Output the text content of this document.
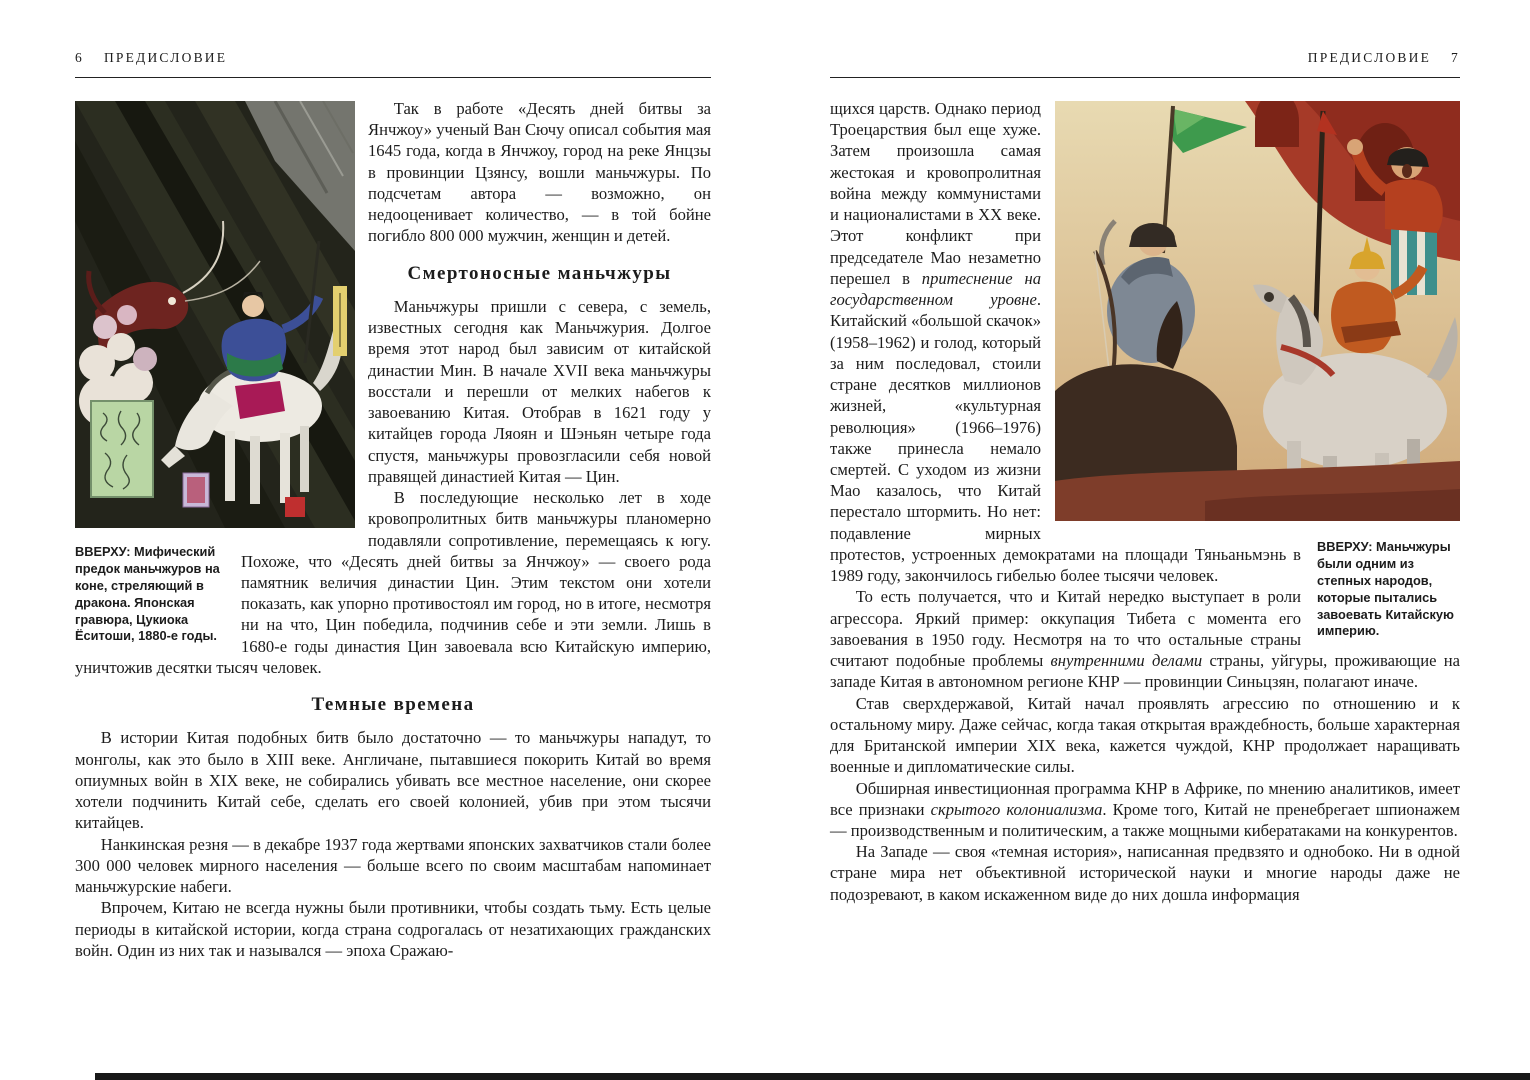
6 ПРЕДИСЛОВИЕ
ВВЕРХУ: Мифический предок маньчжуров на коне, стреляющий в дракона. Японская гравюра, Цукиока Ёситоши, 1880-е годы.

Так в работе «Десять дней битвы за Янчжоу» ученый Ван Сючу описал события мая 1645 года, когда в Янчжоу, город на реке Янцзы в провинции Цзянсу, вошли маньчжуры. По подсчетам автора — возможно, он недооценивает количество, — в той бойне погибло 800 000 мужчин, женщин и детей.

Смертоносные маньчжуры

Маньчжуры пришли с севера, с земель, известных сегодня как Маньчжурия. Долгое время этот народ был зависим от китайской династии Мин. В начале XVII века маньчжуры восстали и перешли от мелких набегов к завоеванию Китая. Отобрав в 1621 году у китайцев города Ляоян и Шэньян четыре года спустя, маньчжуры провозгласили себя новой правящей династией Китая — Цин.

В последующие несколько лет в ходе кровопролитных битв маньчжуры планомерно подавляли сопротивление, перемещаясь к югу. Похоже, что «Десять дней битвы за Янчжоу» — своего рода памятник величия династии Цин. Этим текстом они хотели показать, как упорно противостоял им город, но в итоге, несмотря ни на что, Цин победила, подчинив себе и эти земли. Лишь в 1680-е годы династия Цин завоевала всю Китайскую империю, уничтожив десятки тысяч человек.

Темные времена

В истории Китая подобных битв было достаточно — то маньчжуры нападут, то монголы, как это было в XIII веке. Англичане, пытавшиеся покорить Китай во время опиумных войн в XIX веке, не собирались убивать все местное население, они скорее хотели подчинить Китай себе, сделать его своей колонией, убив при этом тысячи китайцев.

Нанкинская резня — в декабре 1937 года жертвами японских захватчиков стали более 300 000 человек мирного населения — больше всего по своим масштабам напоминает маньчжурские набеги.

Впрочем, Китаю не всегда нужны были противники, чтобы создать тьму. Есть целые периоды в китайской истории, когда страна содрогалась от незатихающих гражданских войн. Один из них так и назывался — эпоха Сражаю-

ПРЕДИСЛОВИЕ 7
ВВЕРХУ: Маньчжуры были одним из степных народов, которые пытались завоевать Китайскую империю.

щихся царств. Однако период Троецарствия был еще хуже. Затем произошла самая жестокая и кровопролитная война между коммунистами и националистами в XX веке. Этот конфликт при председателе Мао незаметно перешел в притеснение на государственном уровне. Китайский «большой скачок» (1958–1962) и голод, который за ним последовал, стоили стране десятков миллионов жизней, «культурная революция» (1966–1976) также принесла немало смертей. С уходом из жизни Мао казалось, что Китай перестало штормить. Но нет: подавление мирных протестов, устроенных демократами на площади Тяньаньмэнь в 1989 году, закончилось гибелью более тысячи человек.

То есть получается, что и Китай нередко выступает в роли агрессора. Яркий пример: оккупация Тибета с момента его завоевания в 1950 году. Несмотря на то что остальные страны считают подобные проблемы внутренними делами страны, уйгуры, проживающие на западе Китая в автономном регионе КНР — провинции Синьцзян, полагают иначе.

Став сверхдержавой, Китай начал проявлять агрессию по отношению и к остальному миру. Даже сейчас, когда такая открытая враждебность, больше характерная для Британской империи XIX века, кажется чуждой, КНР продолжает наращивать военные и дипломатические силы.

Обширная инвестиционная программа КНР в Африке, по мнению аналитиков, имеет все признаки скрытого колониализма. Кроме того, Китай не пренебрегает шпионажем — производственным и политическим, а также мощными кибератаками на конкурентов.

На Западе — своя «темная история», написанная предвзято и однобоко. Ни в одной стране мира нет объективной исторической науки и многие народы даже не подозревают, в каком искаженном виде до них дошла информация
